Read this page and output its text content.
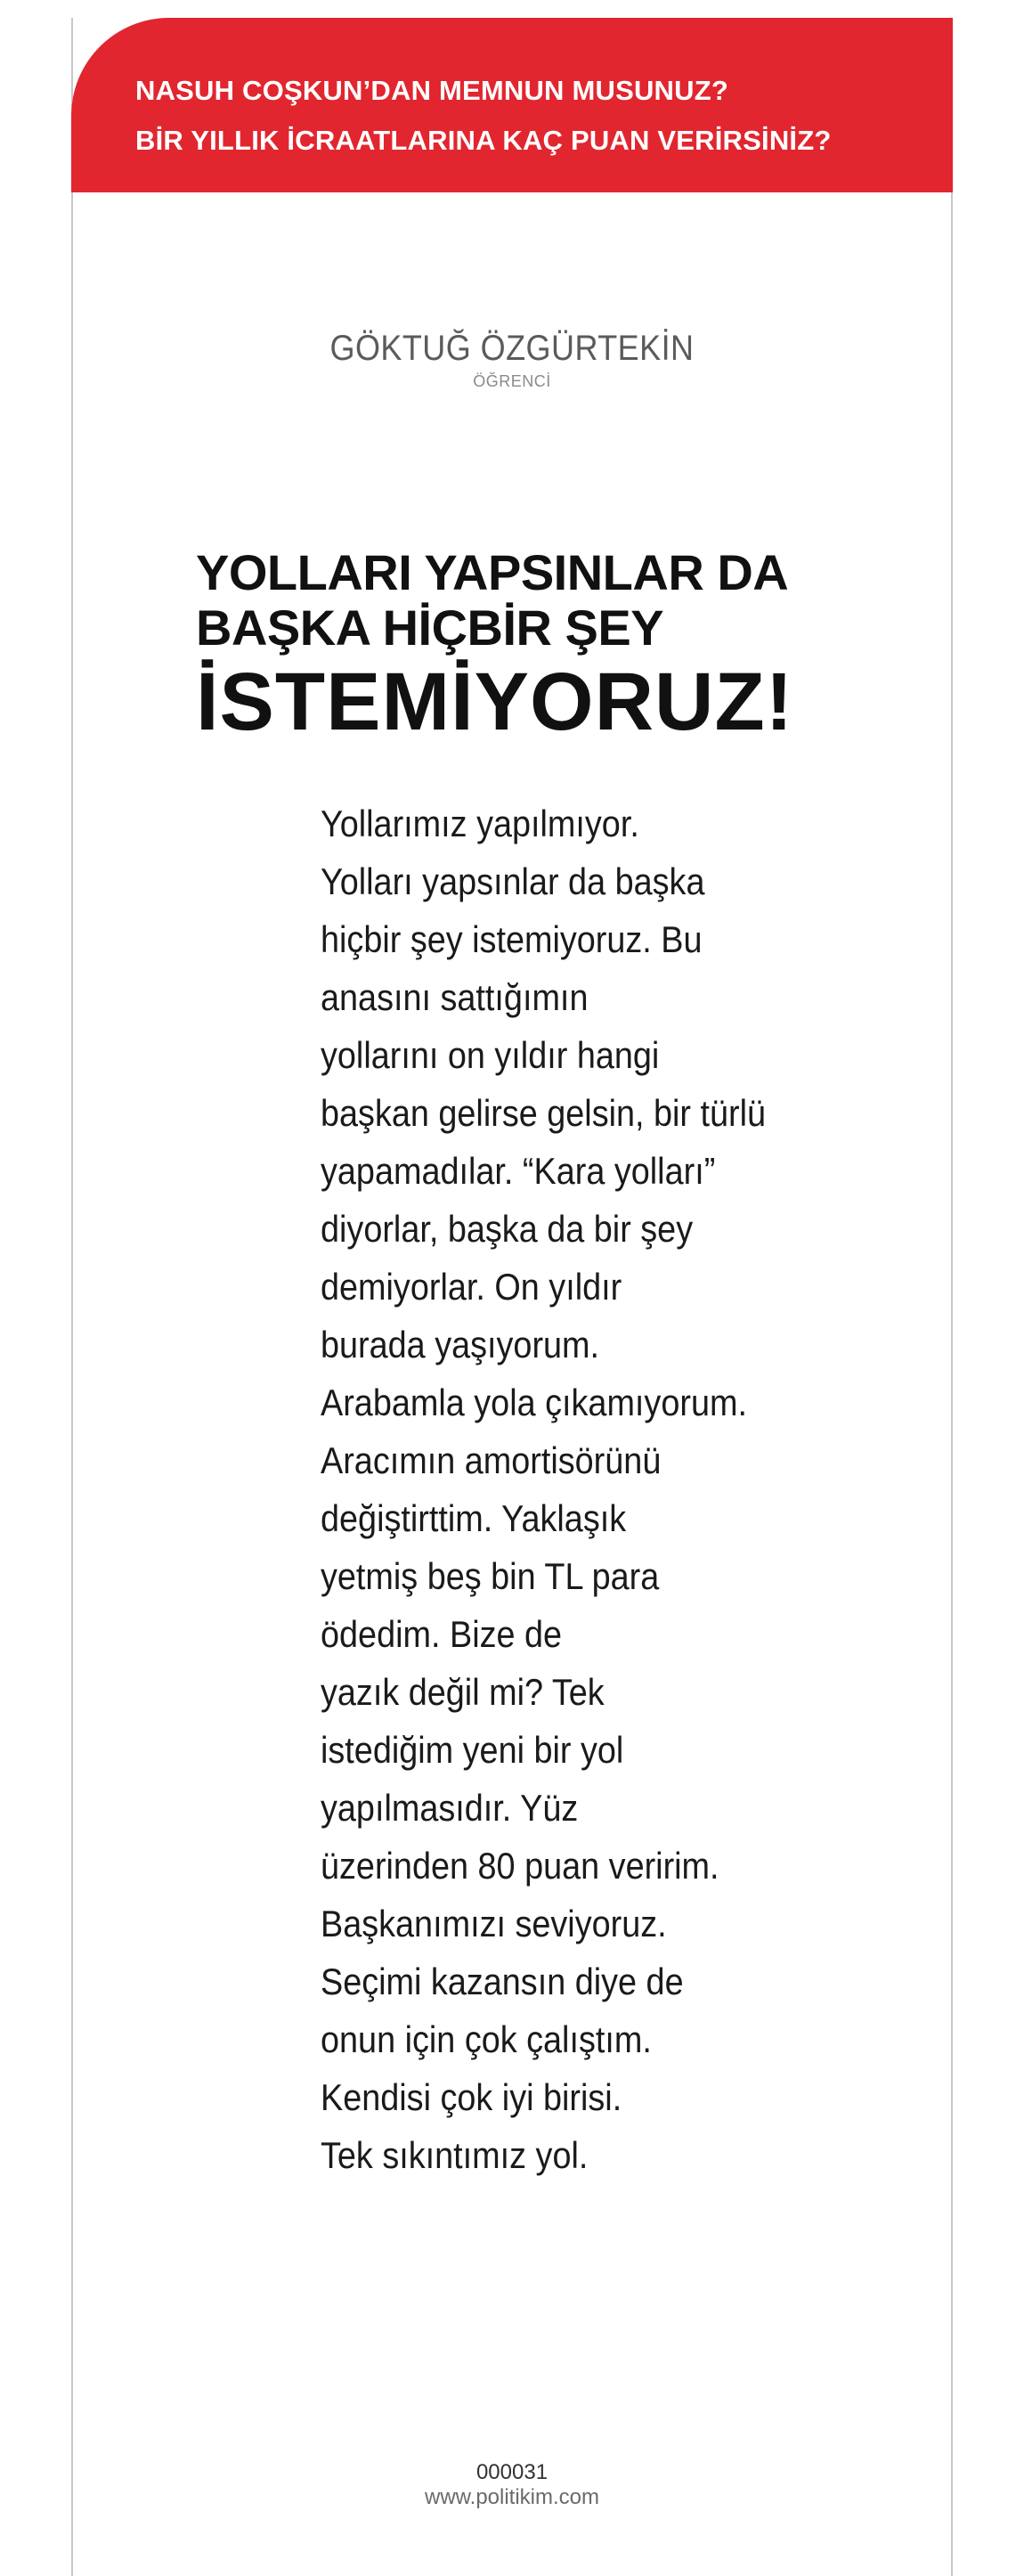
NASUH COŞKUN’DAN MEMNUN MUSUNUZ?
BİR YILLIK İCRAATLARINA KAÇ PUAN VERİRSİNİZ?
GÖKTUĞ ÖZGÜRTEKİN
ÖĞRENCİ
YOLLARI YAPSINLAR DA
BAŞKA HİÇBİR ŞEY
İSTEMİYORUZ!
Yollarımız yapılmıyor.
Yolları yapsınlar da başka
hiçbir şey istemiyoruz. Bu
anasını sattığımın
yollarını on yıldır hangi
başkan gelirse gelsin, bir türlü
yapamadılar. “Kara yolları”
diyorlar, başka da bir şey
demiyorlar. On yıldır
burada yaşıyorum.
Arabamla yola çıkamıyorum.
Aracımın amortisörünü
değiştirttim. Yaklaşık
yetmiş beş bin TL para
ödedim. Bize de
yazık değil mi? Tek
istediğim yeni bir yol
yapılmasıdır. Yüz
üzerinden 80 puan veririm.
Başkanımızı seviyoruz.
Seçimi kazansın diye de
onun için çok çalıştım.
Kendisi çok iyi birisi.
Tek sıkıntımız yol.
000031
www.politikim.com
